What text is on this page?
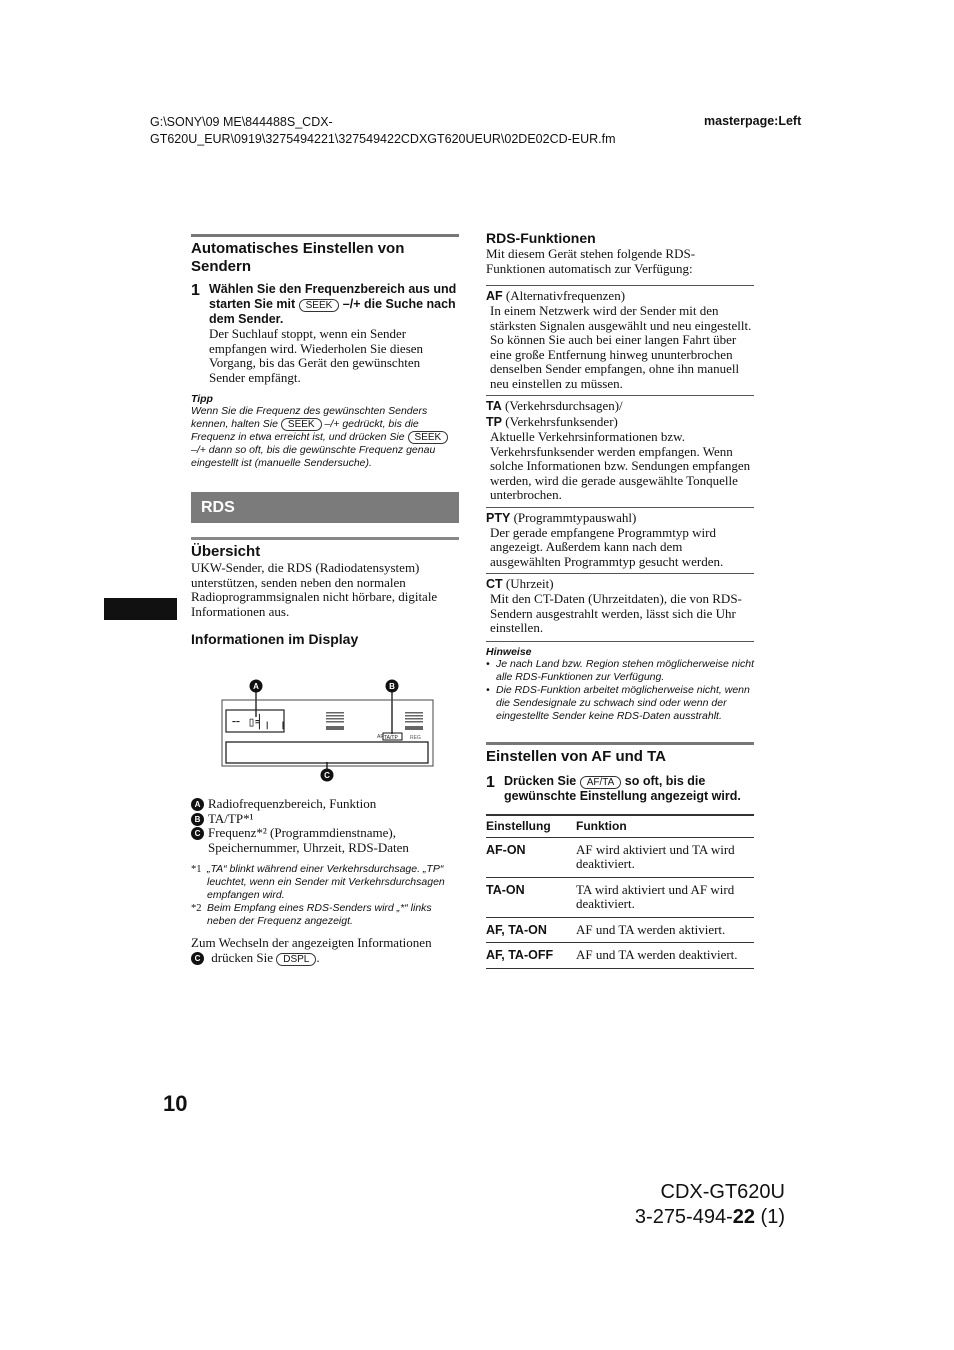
G:\SONY\09 ME\844488S_CDX-
GT620U_EUR\0919\3275494221\327549422CDXGT620UEUR\02DE02CD-EUR.fm
masterpage:Left
Automatisches Einstellen von Sendern
1 Wählen Sie den Frequenzbereich aus und starten Sie mit SEEK –/+ die Suche nach dem Sender.
Der Suchlauf stoppt, wenn ein Sender empfangen wird. Wiederholen Sie diesen Vorgang, bis das Gerät den gewünschten Sender empfängt.
Tipp
Wenn Sie die Frequenz des gewünschten Senders kennen, halten Sie SEEK –/+ gedrückt, bis die Frequenz in etwa erreicht ist, und drücken Sie SEEK –/+ dann so oft, bis die gewünschte Frequenz genau eingestellt ist (manuelle Sendersuche).
RDS
Übersicht
UKW-Sender, die RDS (Radiodatensystem) unterstützen, senden neben den normalen Radioprogrammsignalen nicht hörbare, digitale Informationen aus.
Informationen im Display
A	B
╌ ▯╡╷ ╷
AF TA/TP REG
C
A Radiofrequenzbereich, Funktion
B TA/TP*¹
C Frequenz*² (Programmdienstname), Speichernummer, Uhrzeit, RDS-Daten
*1 „TA“ blinkt während einer Verkehrsdurchsage. „TP“ leuchtet, wenn ein Sender mit Verkehrsdurchsagen empfangen wird.
*2 Beim Empfang eines RDS-Senders wird „*“ links neben der Frequenz angezeigt.
Zum Wechseln der angezeigten Informationen
C drücken Sie DSPL .
RDS-Funktionen
Mit diesem Gerät stehen folgende RDS-Funktionen automatisch zur Verfügung:
AF (Alternativfrequenzen)
In einem Netzwerk wird der Sender mit den stärksten Signalen ausgewählt und neu eingestellt. So können Sie auch bei einer langen Fahrt über eine große Entfernung hinweg ununterbrochen denselben Sender empfangen, ohne ihn manuell neu einstellen zu müssen.
TA (Verkehrsdurchsagen)/
TP (Verkehrsfunksender)
Aktuelle Verkehrsinformationen bzw. Verkehrsfunksender werden empfangen. Wenn solche Informationen bzw. Sendungen empfangen werden, wird die gerade ausgewählte Tonquelle unterbrochen.
PTY (Programmtypauswahl)
Der gerade empfangene Programmtyp wird angezeigt. Außerdem kann nach dem ausgewählten Programmtyp gesucht werden.
CT (Uhrzeit)
Mit den CT-Daten (Uhrzeitdaten), die von RDS-Sendern ausgestrahlt werden, lässt sich die Uhr einstellen.
Hinweise
• Je nach Land bzw. Region stehen möglicherweise nicht alle RDS-Funktionen zur Verfügung.
• Die RDS-Funktion arbeitet möglicherweise nicht, wenn die Sendesignale zu schwach sind oder wenn der eingestellte Sender keine RDS-Daten ausstrahlt.
Einstellen von AF und TA
1 Drücken Sie AF/TA so oft, bis die gewünschte Einstellung angezeigt wird.
Einstellung	Funktion
AF-ON	AF wird aktiviert und TA wird deaktiviert.
TA-ON	TA wird aktiviert und AF wird deaktiviert.
AF, TA-ON	AF und TA werden aktiviert.
AF, TA-OFF	AF und TA werden deaktiviert.
10
CDX-GT620U
3-275-494-22 (1)
